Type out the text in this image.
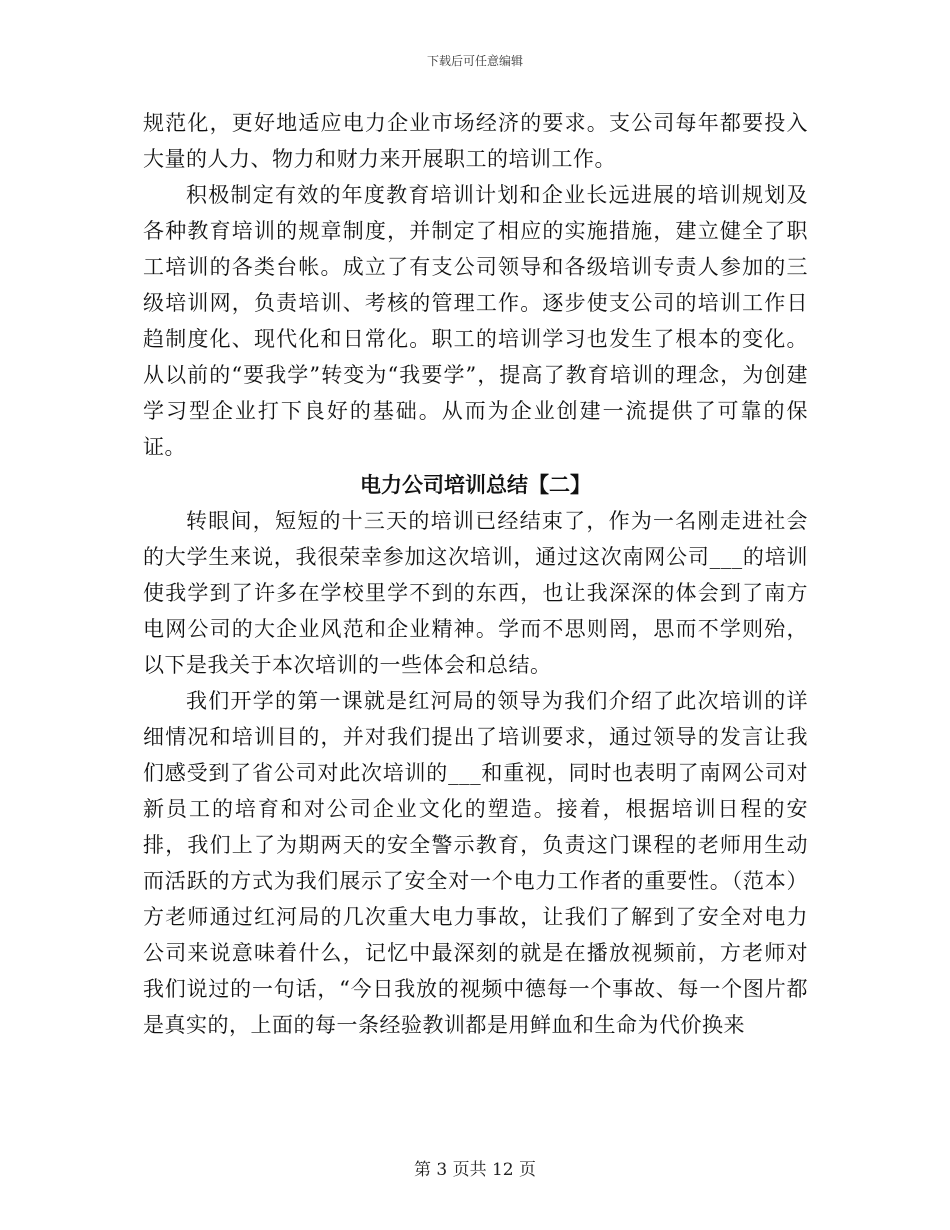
下载后可任意编辑

规范化，更好地适应电力企业市场经济的要求。支公司每年都要投入大量的人力、物力和财力来开展职工的培训工作。

积极制定有效的年度教育培训计划和企业长远进展的培训规划及各种教育培训的规章制度，并制定了相应的实施措施，建立健全了职工培训的各类台帐。成立了有支公司领导和各级培训专责人参加的三级培训网，负责培训、考核的管理工作。逐步使支公司的培训工作日趋制度化、现代化和日常化。职工的培训学习也发生了根本的变化。从以前的“要我学”转变为“我要学”，提高了教育培训的理念，为创建学习型企业打下良好的基础。从而为企业创建一流提供了可靠的保证。

电力公司培训总结【二】

转眼间，短短的十三天的培训已经结束了，作为一名刚走进社会的大学生来说，我很荣幸参加这次培训，通过这次南网公司___的培训使我学到了许多在学校里学不到的东西，也让我深深的体会到了南方电网公司的大企业风范和企业精神。学而不思则罔，思而不学则殆，以下是我关于本次培训的一些体会和总结。

我们开学的第一课就是红河局的领导为我们介绍了此次培训的详细情况和培训目的，并对我们提出了培训要求，通过领导的发言让我们感受到了省公司对此次培训的___和重视，同时也表明了南网公司对新员工的培育和对公司企业文化的塑造。接着，根据培训日程的安排，我们上了为期两天的安全警示教育，负责这门课程的老师用生动而活跃的方式为我们展示了安全对一个电力工作者的重要性。（范本）方老师通过红河局的几次重大电力事故，让我们了解到了安全对电力公司来说意味着什么，记忆中最深刻的就是在播放视频前，方老师对我们说过的一句话，“今日我放的视频中德每一个事故、每一个图片都是真实的，上面的每一条经验教训都是用鲜血和生命为代价换来

第 3 页共 12 页
